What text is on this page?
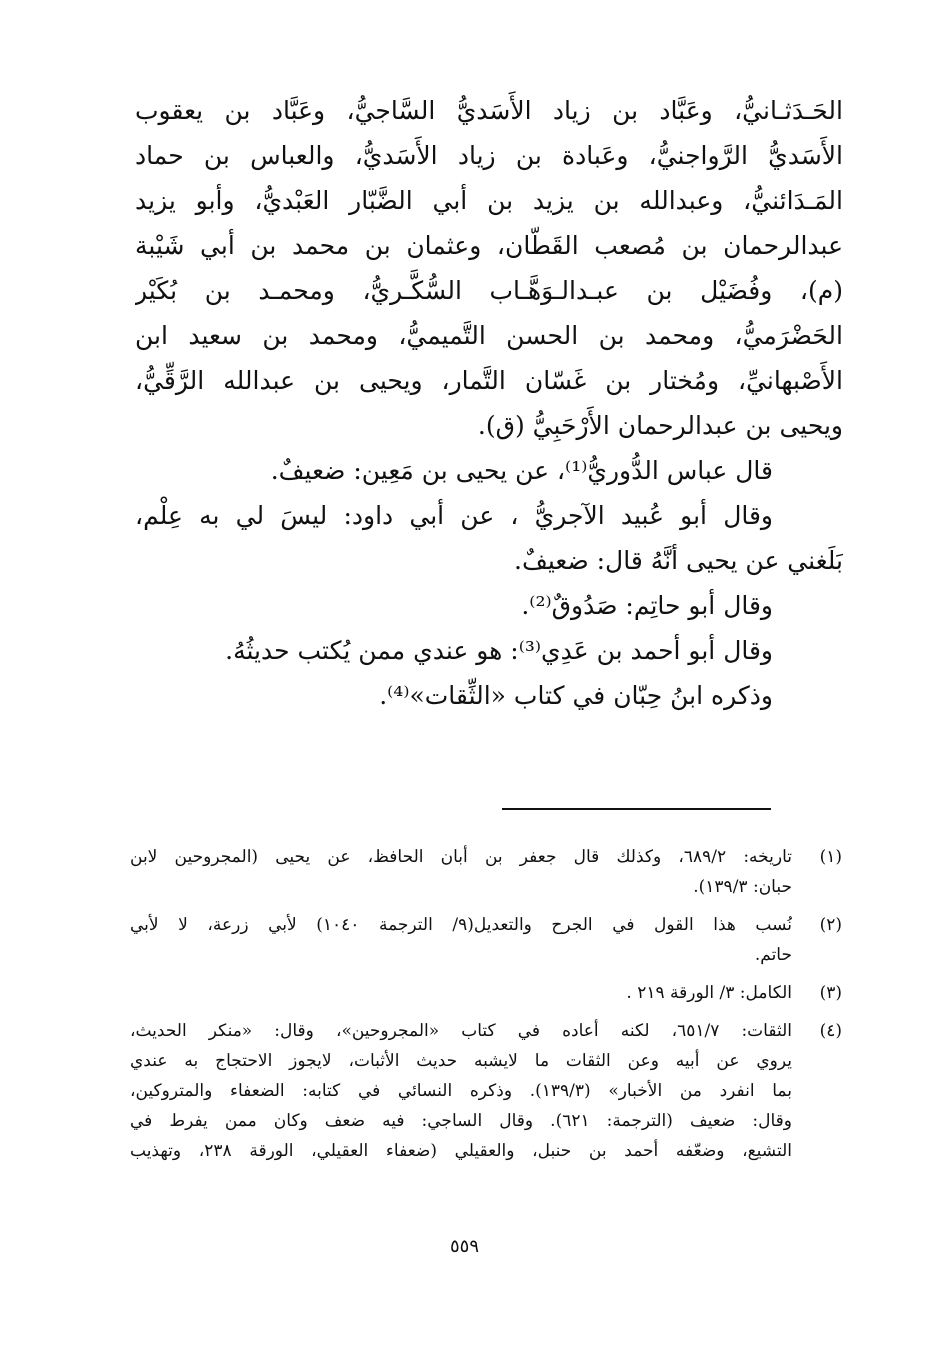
الحَـدَثـانيُّ، وعَبَّاد بن زياد الأَسَديُّ السَّاجيُّ، وعَبَّاد بن يعقوب
الأَسَديُّ الرَّواجنيُّ، وعَبادة بن زياد الأَسَديُّ، والعباس بن حماد
المَـدَائنيُّ، وعبدالله بن يزيد بن أبي الضَّبّار العَبْديُّ، وأبو يزيد
عبدالرحمان بن مُصعب القَطّان، وعثمان بن محمد بن أبي شَيْبة
(م)، وفُضَيْل بن عبـدالـوَهَّـاب السُّكَّـريُّ، ومحمـد بن بُكَيْر
الحَضْرَميُّ، ومحمد بن الحسن التَّميميُّ، ومحمد بن سعيد ابن
الأَصْبهانيِّ، ومُختار بن غَسّان التَّمار، ويحيى بن عبدالله الرَّقِّيُّ،
ويحيى بن عبدالرحمان الأَرْحَبِيُّ (ق).
قال عباس الدُّوريُّ⁽¹⁾، عن يحيى بن مَعِين: ضعيفٌ.
وقال أبو عُبيد الآجريُّ ، عن أبي داود: ليسَ لي به عِلْم،
بَلَغني عن يحيى أنَّهُ قال: ضعيفٌ.
وقال أبو حاتِم: صَدُوقٌ⁽²⁾.
وقال أبو أحمد بن عَدِي⁽³⁾: هو عندي ممن يُكتب حديثُهُ.
وذكره ابنُ حِبّان في كتاب «الثِّقات»⁽⁴⁾.
(١)
تاريخه: ٦٨٩/٢، وكذلك قال جعفر بن أبان الحافظ، عن يحيى (المجروحين لابن
حبان: ١٣٩/٣).
(٢)
نُسب هذا القول في الجرح والتعديل(٩/ الترجمة ١٠٤٠) لأبي زرعة، لا لأبي
حاتم.
(٣)
الكامل: ٣/ الورقة ٢١٩ .
(٤)
الثقات: ٦٥١/٧، لكنه أعاده في كتاب «المجروحين»، وقال: «منكر الحديث،
يروي عن أبيه وعن الثقات ما لايشبه حديث الأثبات، لايجوز الاحتجاج به عندي
بما انفرد من الأخبار» (١٣٩/٣). وذكره النسائي في كتابه: الضعفاء والمتروكين،
وقال: ضعيف (الترجمة: ٦٢١). وقال الساجي: فيه ضعف وكان ممن يفرط في
التشيع، وضعّفه أحمد بن حنبل، والعقيلي (ضعفاء العقيلي، الورقة ٢٣٨، وتهذيب
٥٥٩
